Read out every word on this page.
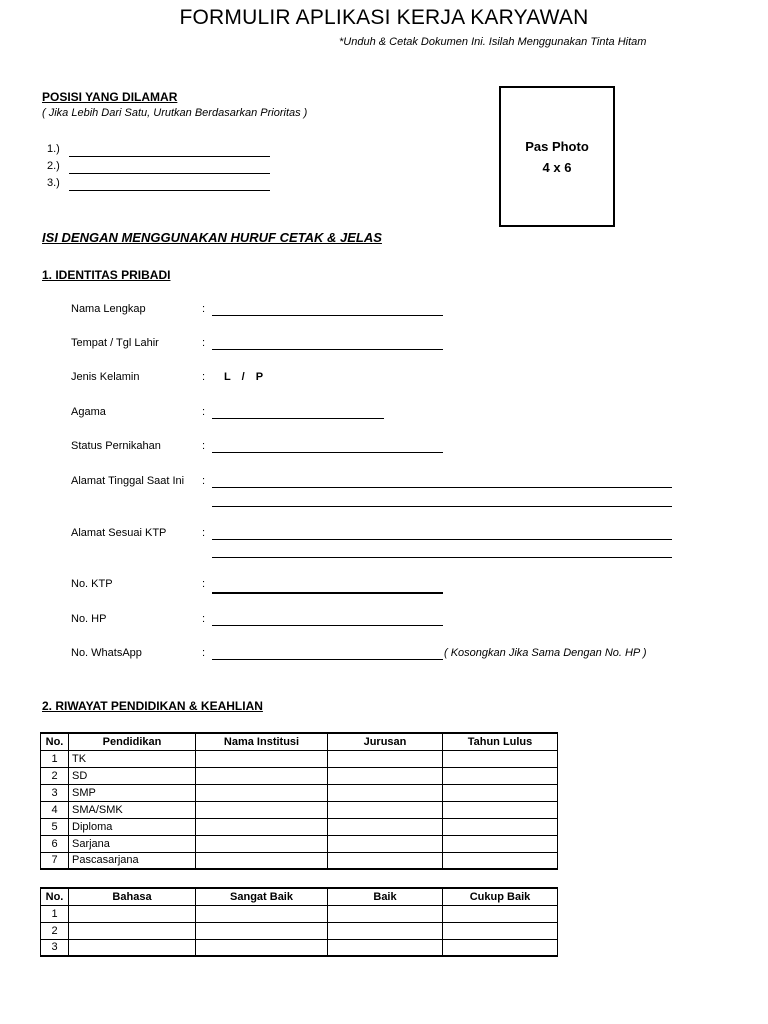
FORMULIR APLIKASI KERJA KARYAWAN
*Unduh & Cetak Dokumen Ini. Isilah Menggunakan Tinta Hitam
POSISI YANG DILAMAR
( Jika Lebih Dari Satu, Urutkan Berdasarkan Prioritas )
1.)
2.)
3.)
Pas Photo
4 x 6
ISI DENGAN MENGGUNAKAN HURUF CETAK & JELAS
1. IDENTITAS PRIBADI
Nama Lengkap	:
Tempat / Tgl Lahir	:
Jenis Kelamin	: L / P
Agama	:
Status Pernikahan	:
Alamat Tinggal Saat Ini :
Alamat Sesuai KTP	:
No. KTP	:
No. HP	:
No. WhatsApp	:	( Kosongkan Jika Sama Dengan No. HP )
2. RIWAYAT PENDIDIKAN & KEAHLIAN
No.	Pendidikan	Nama Institusi	Jurusan	Tahun Lulus
1	TK			
2	SD			
3	SMP			
4	SMA/SMK			
5	Diploma			
6	Sarjana			
7	Pascasarjana			
No.	Bahasa	Sangat Baik	Baik	Cukup Baik
1				
2				
3				
